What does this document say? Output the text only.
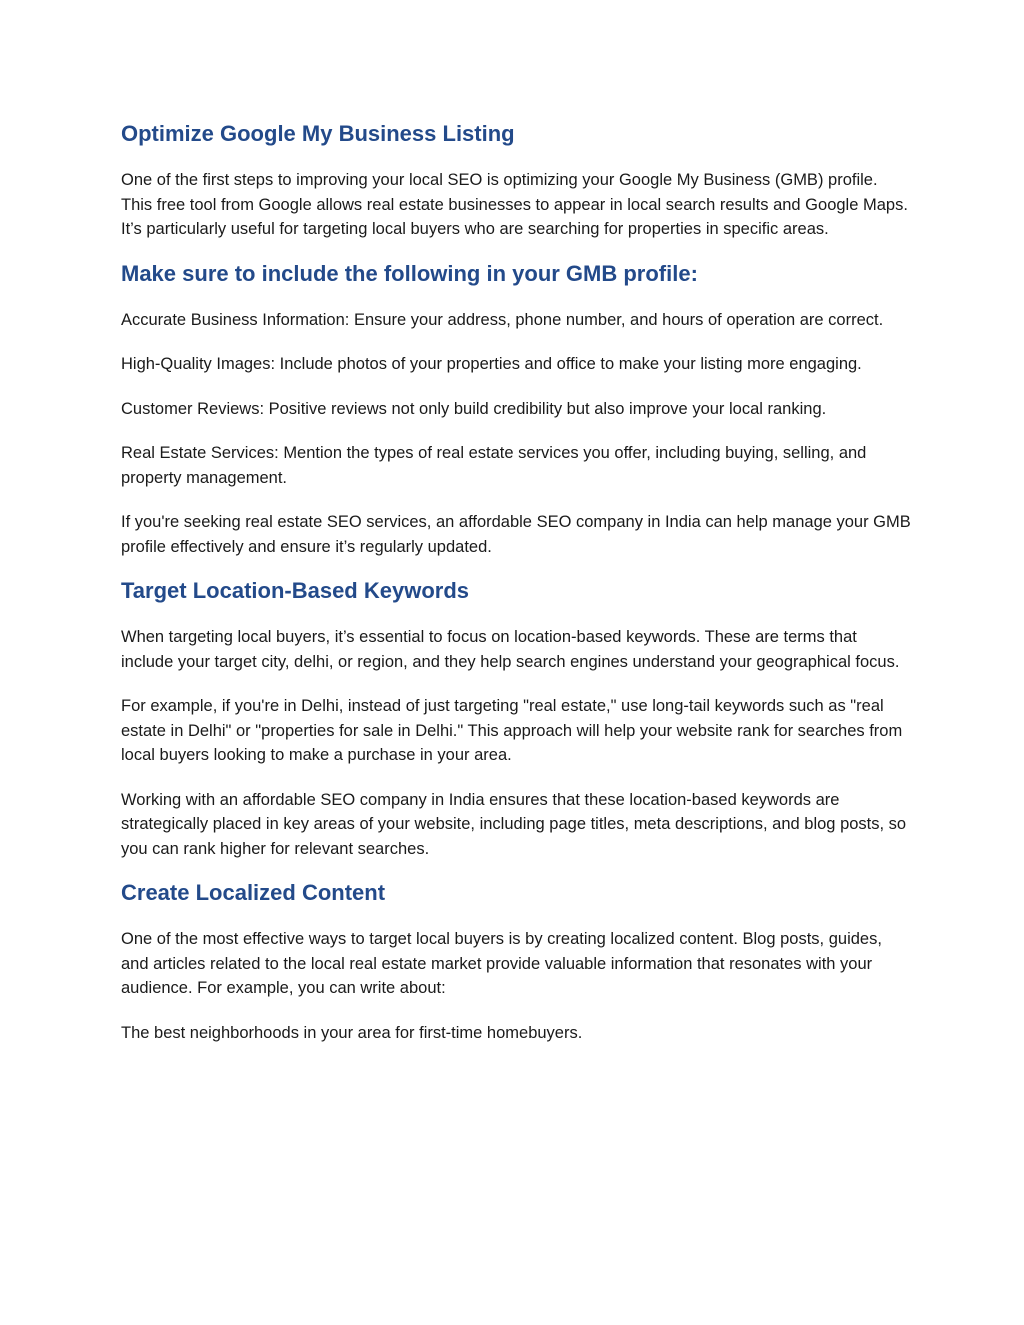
Optimize Google My Business Listing

One of the first steps to improving your local SEO is optimizing your Google My Business (GMB) profile. This free tool from Google allows real estate businesses to appear in local search results and Google Maps. It’s particularly useful for targeting local buyers who are searching for properties in specific areas.

Make sure to include the following in your GMB profile:

Accurate Business Information: Ensure your address, phone number, and hours of operation are correct.

High-Quality Images: Include photos of your properties and office to make your listing more engaging.

Customer Reviews: Positive reviews not only build credibility but also improve your local ranking.

Real Estate Services: Mention the types of real estate services you offer, including buying, selling, and property management.

If you're seeking real estate SEO services, an affordable SEO company in India can help manage your GMB profile effectively and ensure it’s regularly updated.

Target Location-Based Keywords

When targeting local buyers, it’s essential to focus on location-based keywords. These are terms that include your target city, delhi, or region, and they help search engines understand your geographical focus.

For example, if you're in Delhi, instead of just targeting "real estate," use long-tail keywords such as "real estate in Delhi" or "properties for sale in Delhi." This approach will help your website rank for searches from local buyers looking to make a purchase in your area.

Working with an affordable SEO company in India ensures that these location-based keywords are strategically placed in key areas of your website, including page titles, meta descriptions, and blog posts, so you can rank higher for relevant searches.

Create Localized Content

One of the most effective ways to target local buyers is by creating localized content. Blog posts, guides, and articles related to the local real estate market provide valuable information that resonates with your audience. For example, you can write about:

The best neighborhoods in your area for first-time homebuyers.
